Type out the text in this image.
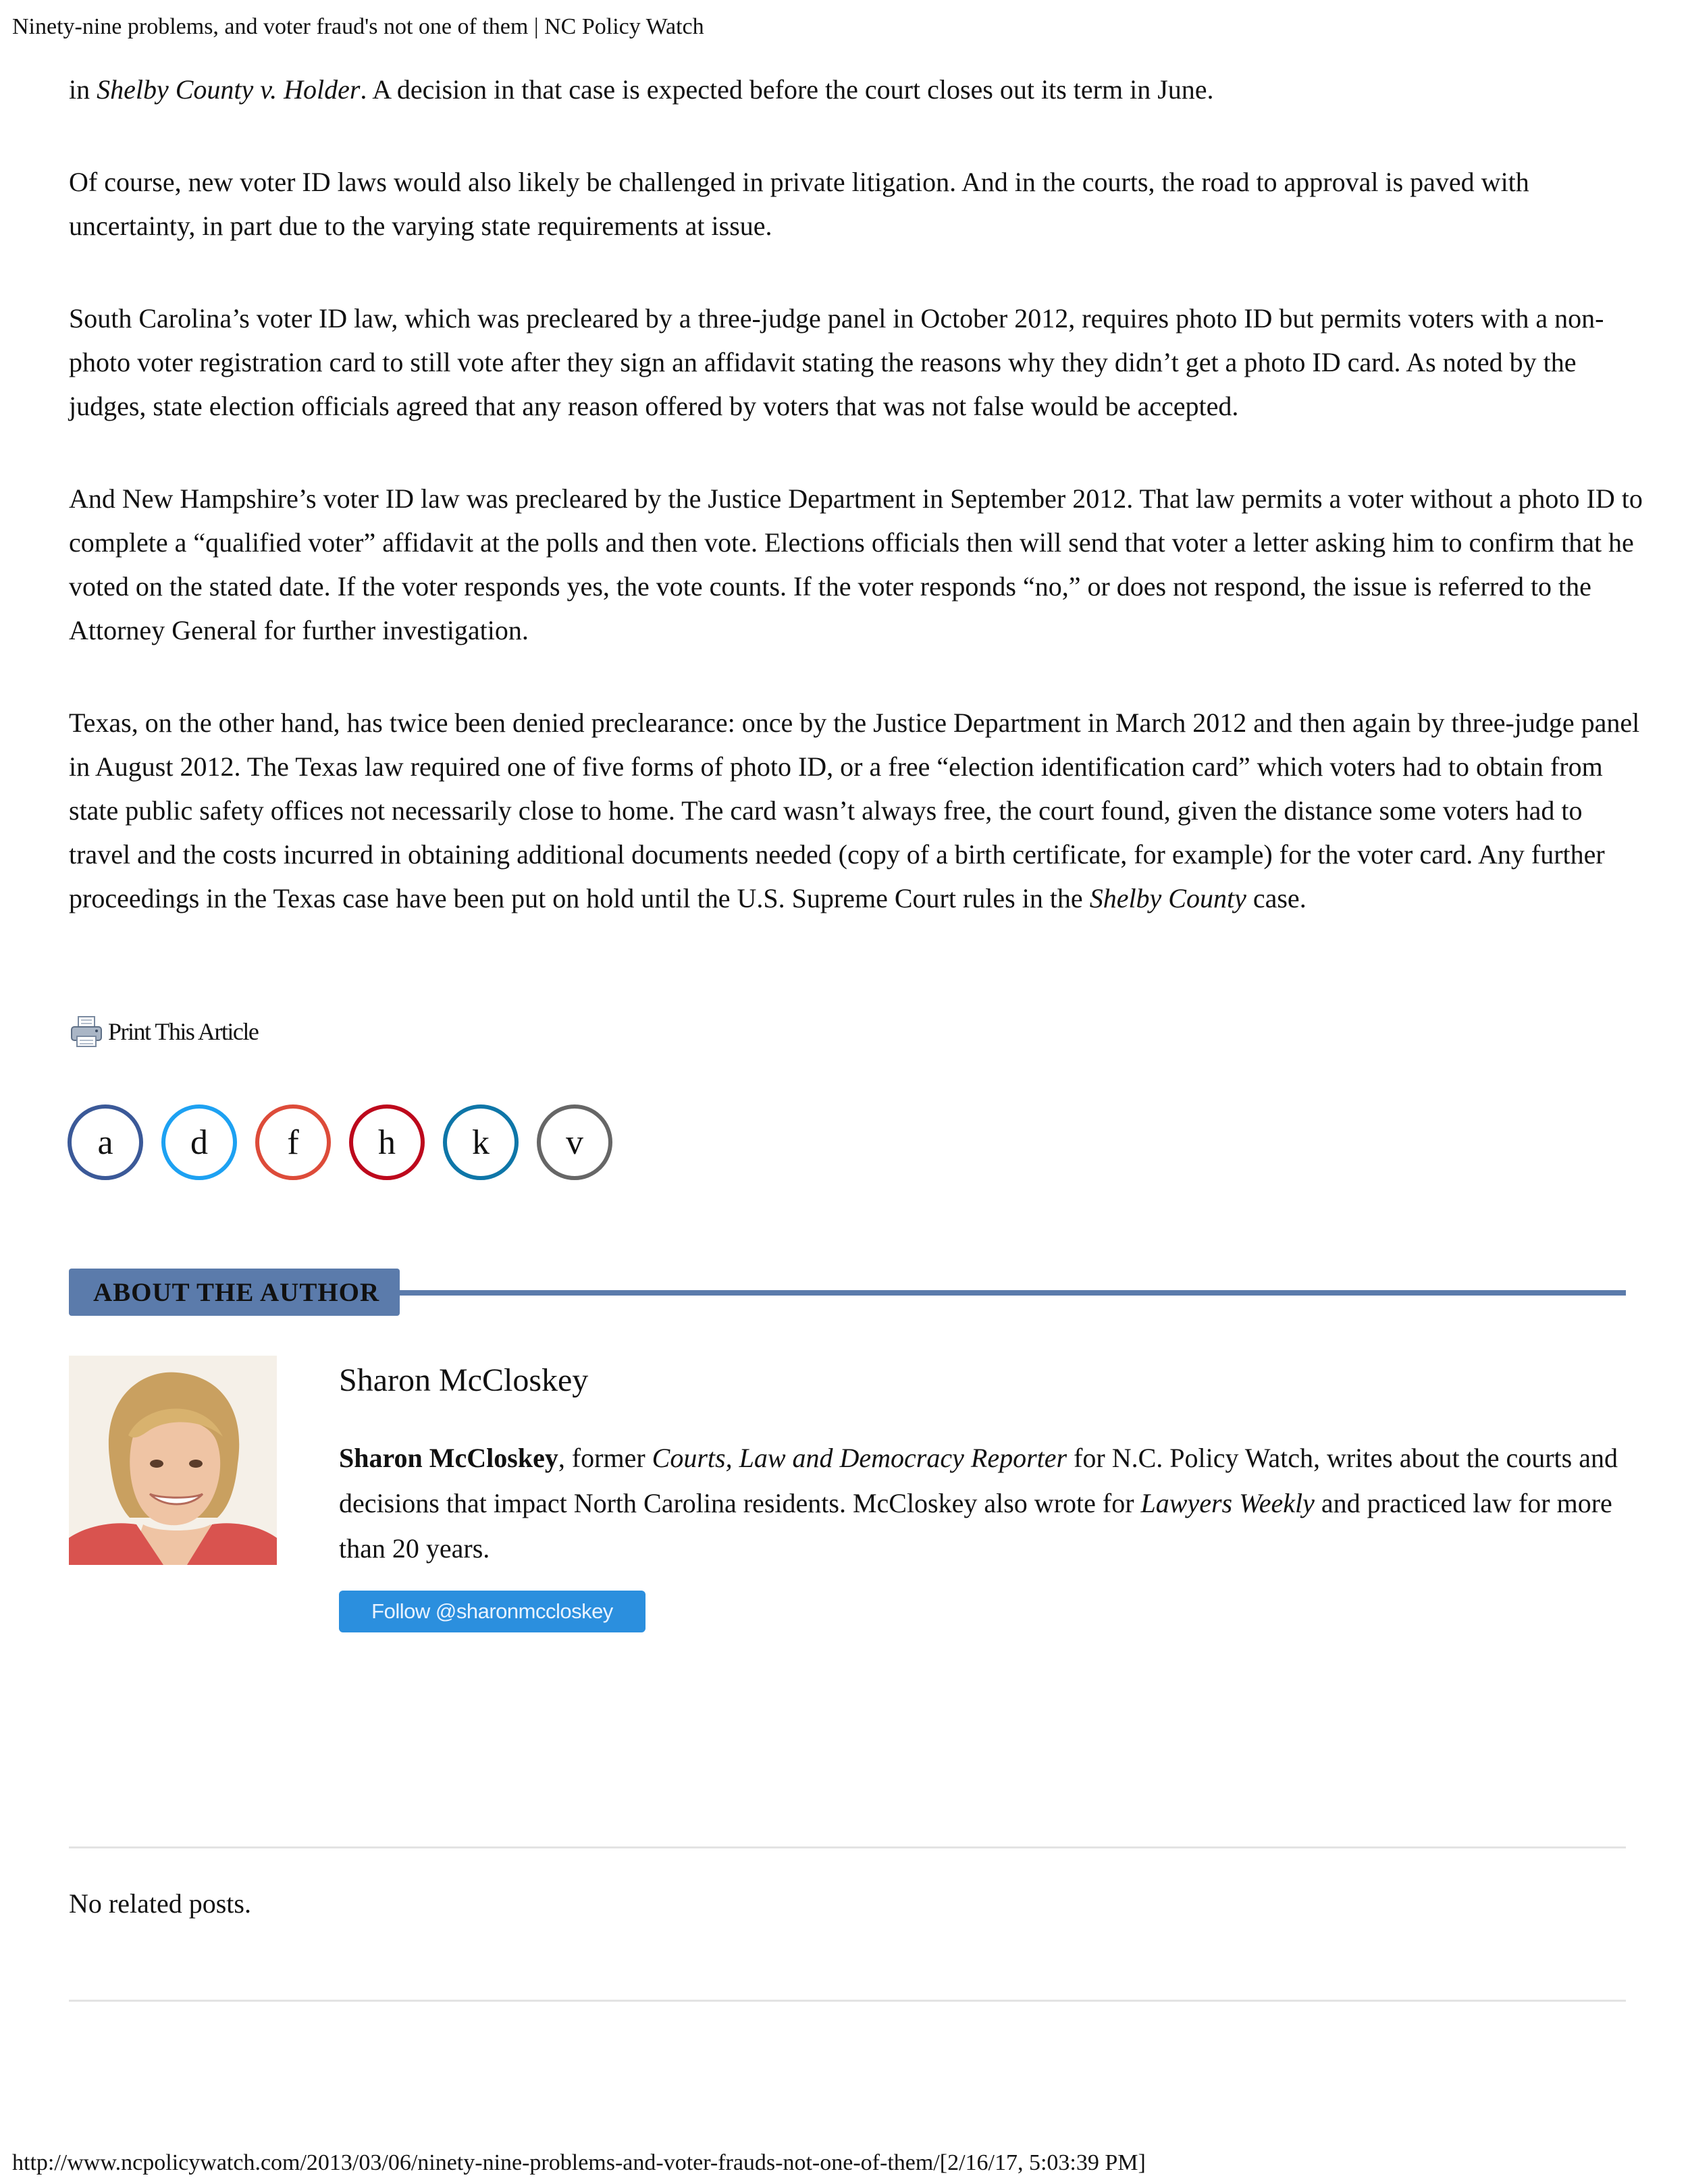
Ninety-nine problems, and voter fraud's not one of them | NC Policy Watch

in Shelby County v. Holder. A decision in that case is expected before the court closes out its term in June.

Of course, new voter ID laws would also likely be challenged in private litigation. And in the courts, the road to approval is paved with uncertainty, in part due to the varying state requirements at issue.

South Carolina’s voter ID law, which was precleared by a three-judge panel in October 2012, requires photo ID but permits voters with a non-photo voter registration card to still vote after they sign an affidavit stating the reasons why they didn’t get a photo ID card. As noted by the judges, state election officials agreed that any reason offered by voters that was not false would be accepted.

And New Hampshire’s voter ID law was precleared by the Justice Department in September 2012. That law permits a voter without a photo ID to complete a “qualified voter” affidavit at the polls and then vote. Elections officials then will send that voter a letter asking him to confirm that he voted on the stated date. If the voter responds yes, the vote counts. If the voter responds “no,” or does not respond, the issue is referred to the Attorney General for further investigation.

Texas, on the other hand, has twice been denied preclearance: once by the Justice Department in March 2012 and then again by three-judge panel in August 2012. The Texas law required one of five forms of photo ID, or a free “election identification card” which voters had to obtain from state public safety offices not necessarily close to home. The card wasn’t always free, the court found, given the distance some voters had to travel and the costs incurred in obtaining additional documents needed (copy of a birth certificate, for example) for the voter card. Any further proceedings in the Texas case have been put on hold until the U.S. Supreme Court rules in the Shelby County case.

Print This Article
a	d	f	h	k	v
ABOUT THE AUTHOR
Sharon McCloskey
Sharon McCloskey, former Courts, Law and Democracy Reporter for N.C. Policy Watch, writes about the courts and decisions that impact North Carolina residents. McCloskey also wrote for Lawyers Weekly and practiced law for more than 20 years.
Follow @sharonmccloskey
No related posts.
http://www.ncpolicywatch.com/2013/03/06/ninety-nine-problems-and-voter-frauds-not-one-of-them/[2/16/17, 5:03:39 PM]
